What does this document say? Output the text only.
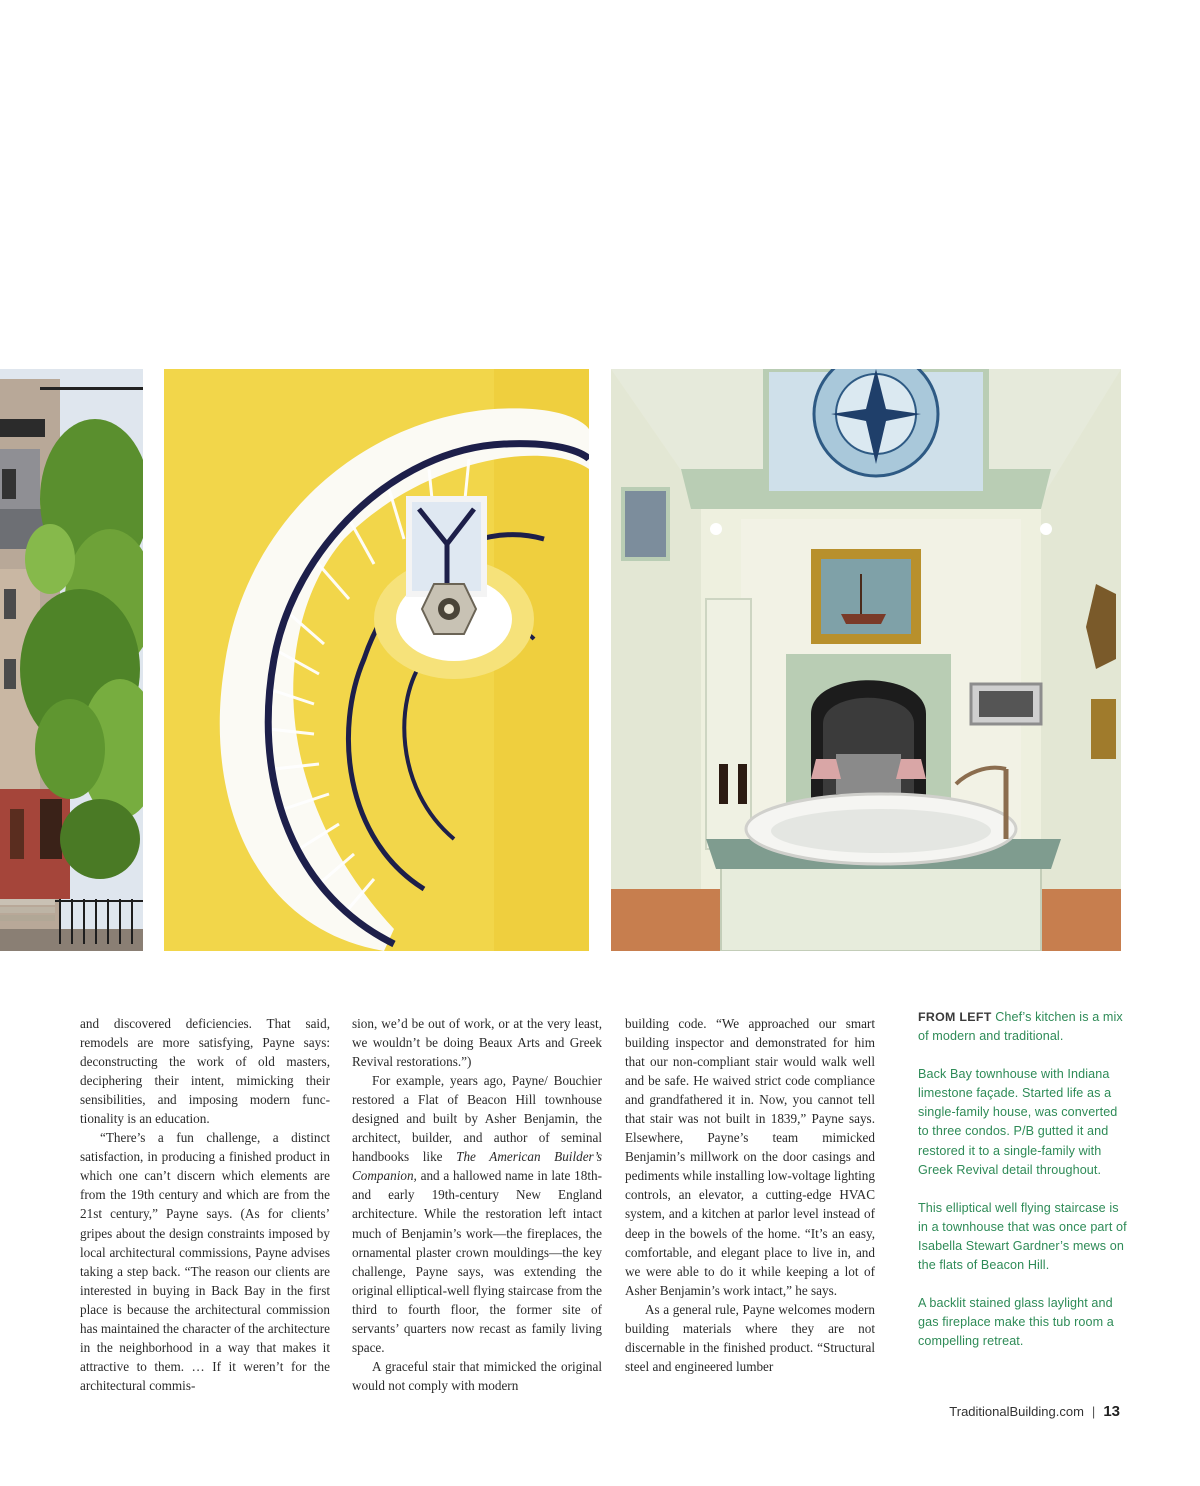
and discovered deficiencies. That said, remodels are more satisfying, Payne says: deconstructing the work of old masters, deciphering their intent, mimicking their sensibilities, and imposing modern functionality is an education.

“There’s a fun challenge, a distinct satisfaction, in producing a finished product in which one can’t discern which elements are from the 19th century and which are from the 21st century,” Payne says. (As for clients’ gripes about the design constraints imposed by local architectural commissions, Payne advises taking a step back. “The reason our clients are interested in buying in Back Bay in the first place is because the architectural commission has maintained the character of the architecture in the neighborhood in a way that makes it attractive to them. … If it weren’t for the architectural commis-

sion, we’d be out of work, or at the very least, we wouldn’t be doing Beaux Arts and Greek Revival restorations.”)

For example, years ago, Payne/ Bouchier restored a Flat of Beacon Hill townhouse designed and built by Asher Benjamin, the architect, builder, and author of seminal handbooks like The American Builder’s Companion, and a hallowed name in late 18th- and early 19th-century New England architecture. While the restoration left intact much of Benjamin’s work—the fireplaces, the ornamental plaster crown mouldings—the key challenge, Payne says, was extending the original elliptical-well flying staircase from the third to fourth floor, the former site of servants’ quarters now recast as family living space.

A graceful stair that mimicked the original would not comply with modern

building code. “We approached our smart building inspector and demonstrated for him that our non-compliant stair would walk well and be safe. He waived strict code compliance and grandfathered it in. Now, you cannot tell that stair was not built in 1839,” Payne says. Elsewhere, Payne’s team mimicked Benjamin’s millwork on the door casings and pediments while installing low-voltage lighting controls, an elevator, a cutting-edge HVAC system, and a kitchen at parlor level instead of deep in the bowels of the home. “It’s an easy, comfortable, and elegant place to live in, and we were able to do it while keeping a lot of Asher Benjamin’s work intact,” he says.

As a general rule, Payne welcomes modern building materials where they are not discernable in the finished product. “Structural steel and engineered lumber

FROM LEFT Chef’s kitchen is a mix of modern and traditional.
Back Bay townhouse with Indiana limestone façade. Started life as a single-family house, was converted to three condos. P/B gutted it and restored it to a single-family with Greek Revival detail throughout.
This elliptical well flying staircase is in a townhouse that was once part of Isabella Stewart Gardner’s mews on the flats of Beacon Hill.
A backlit stained glass laylight and gas fireplace make this tub room a compelling retreat.
TraditionalBuilding.com | 13
